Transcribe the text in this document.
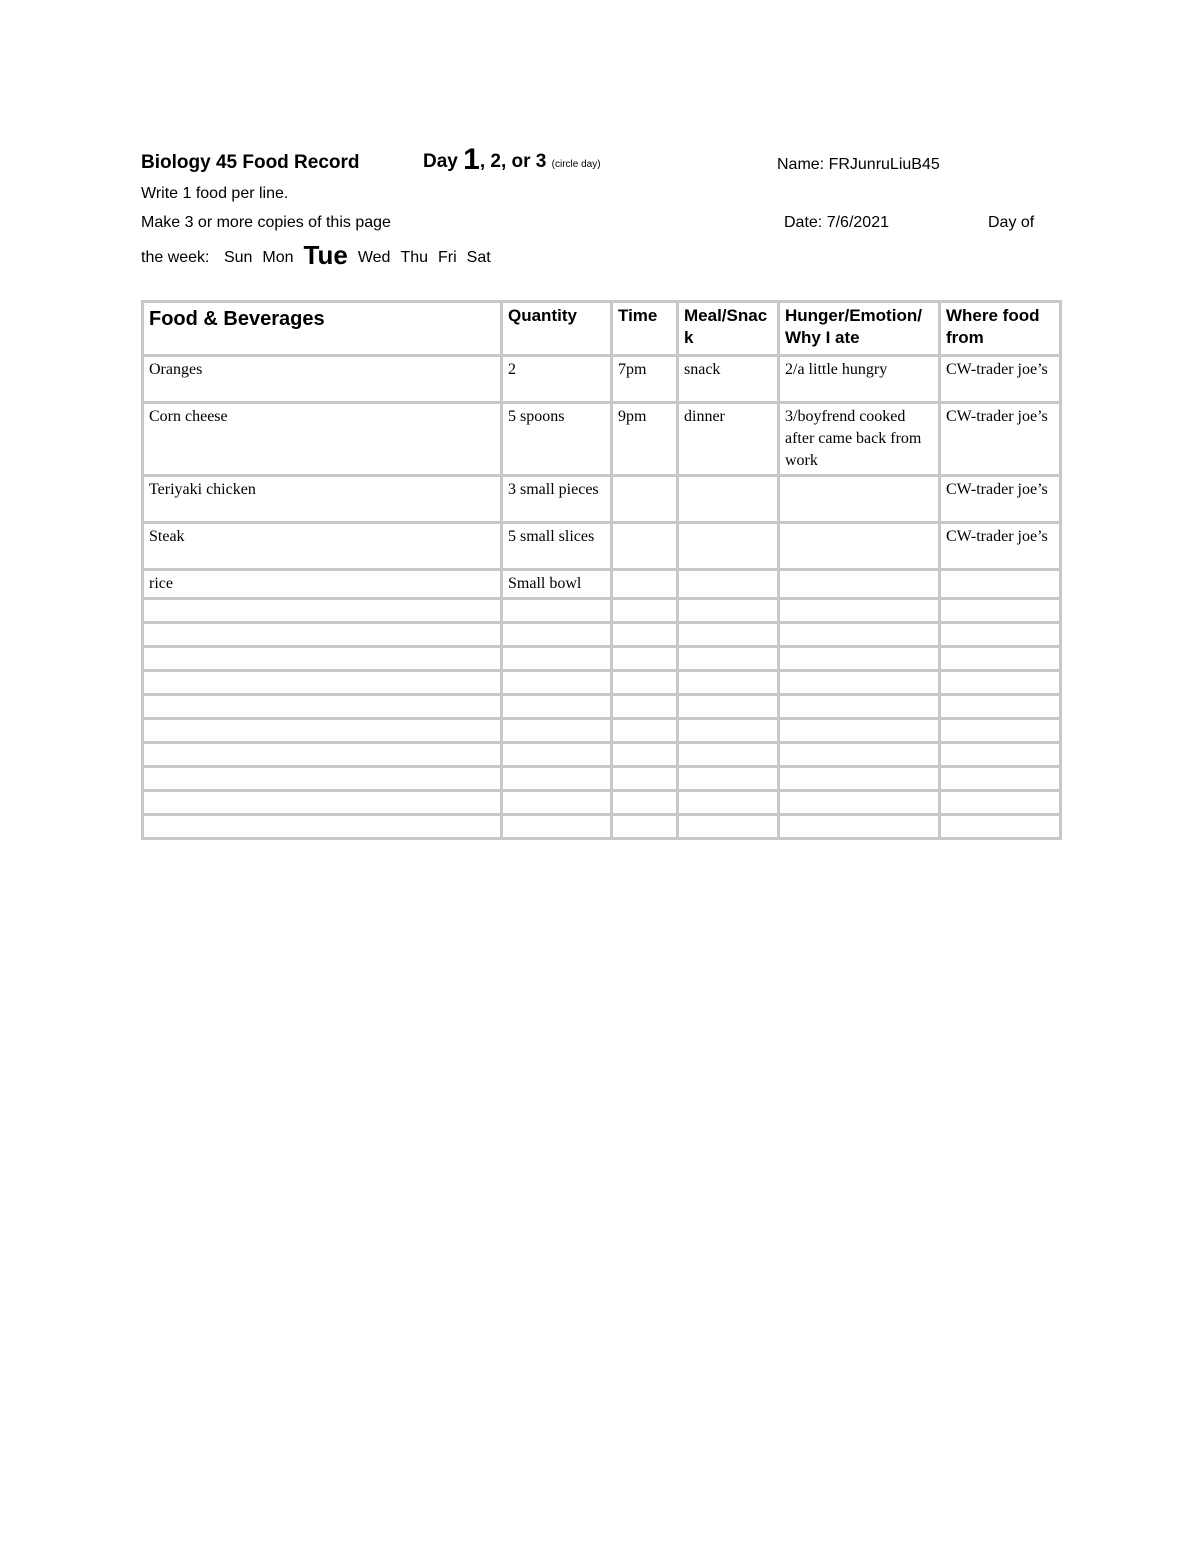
Biology 45 Food Record	Day 1, 2, or 3 (circle day)	Name: FRJunruLiuB45
Write 1 food per line.
Make 3 or more copies of this page	Date: 7/6/2021	Day of
the week: Sun Mon Tue Wed Thu Fri Sat
Food & Beverages	Quantity	Time	Meal/Snac k	Hunger/Emotion/ Why I ate	Where food from
Oranges	2	7pm	snack	2/a little hungry	CW-trader joe’s
Corn cheese	5 spoons	9pm	dinner	3/boyfrend cooked after came back from work	CW-trader joe’s
Teriyaki chicken	3 small pieces				CW-trader joe’s
Steak	5 small slices				CW-trader joe’s
rice	Small bowl				
